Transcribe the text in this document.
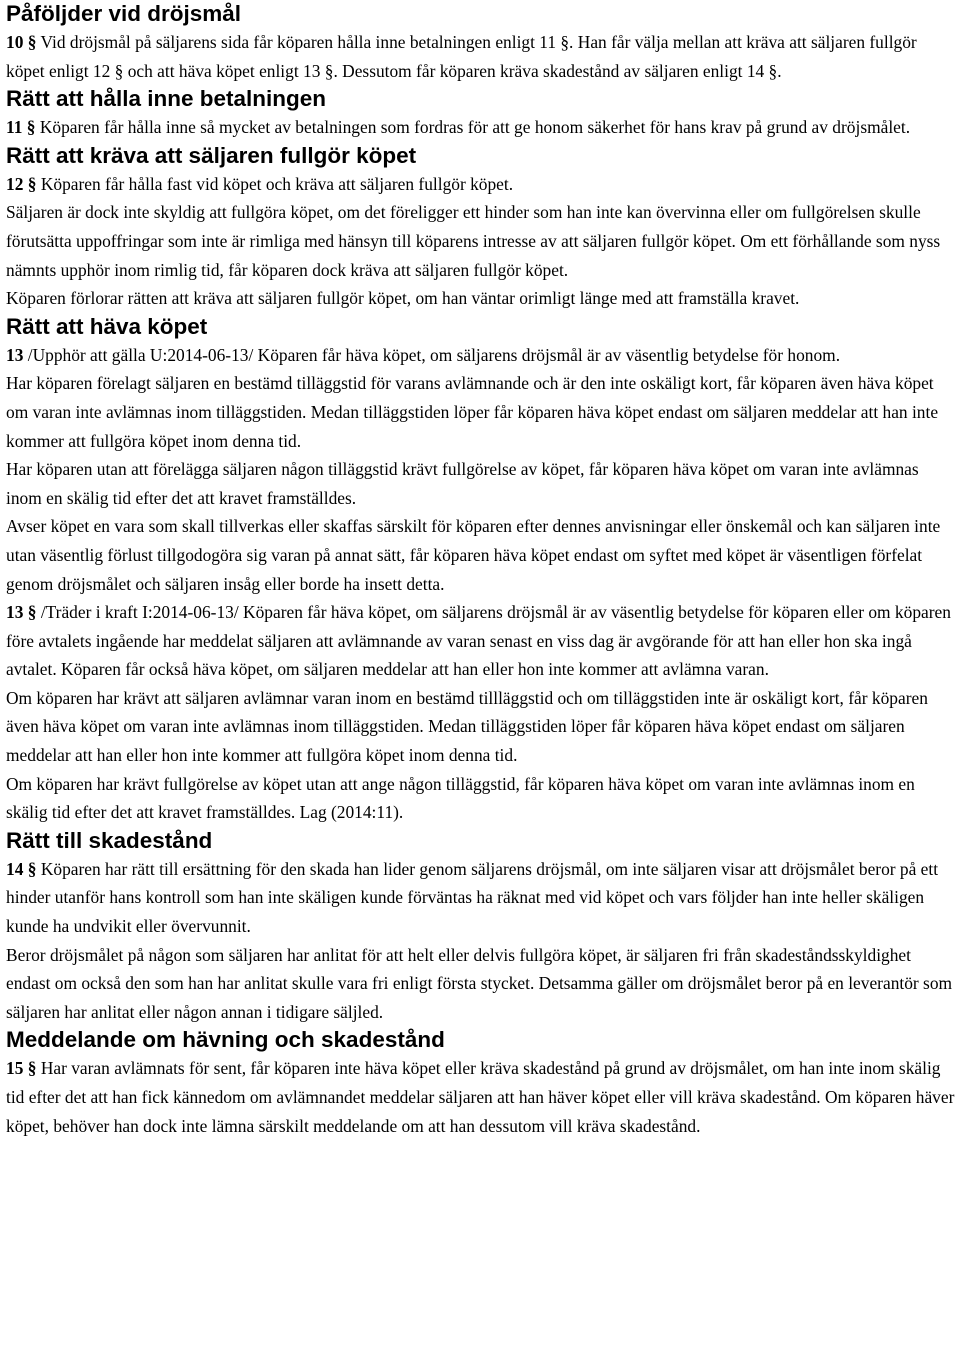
Påföljder vid dröjsmål

10 § Vid dröjsmål på säljarens sida får köparen hålla inne betalningen enligt 11 §. Han får välja mellan att kräva att säljaren fullgör köpet enligt 12 § och att häva köpet enligt 13 §. Dessutom får köparen kräva skadestånd av säljaren enligt 14 §.

Rätt att hålla inne betalningen

11 § Köparen får hålla inne så mycket av betalningen som fordras för att ge honom säkerhet för hans krav på grund av dröjsmålet.

Rätt att kräva att säljaren fullgör köpet

12 § Köparen får hålla fast vid köpet och kräva att säljaren fullgör köpet.

Säljaren är dock inte skyldig att fullgöra köpet, om det föreligger ett hinder som han inte kan övervinna eller om fullgörelsen skulle förutsätta uppoffringar som inte är rimliga med hänsyn till köparens intresse av att säljaren fullgör köpet. Om ett förhållande som nyss nämnts upphör inom rimlig tid, får köparen dock kräva att säljaren fullgör köpet.

Köparen förlorar rätten att kräva att säljaren fullgör köpet, om han väntar orimligt länge med att framställa kravet.

Rätt att häva köpet

13 /Upphör att gälla U:2014-06-13/ Köparen får häva köpet, om säljarens dröjsmål är av väsentlig betydelse för honom.

Har köparen förelagt säljaren en bestämd tilläggstid för varans avlämnande och är den inte oskäligt kort, får köparen även häva köpet om varan inte avlämnas inom tilläggstiden. Medan tilläggstiden löper får köparen häva köpet endast om säljaren meddelar att han inte kommer att fullgöra köpet inom denna tid.

Har köparen utan att förelägga säljaren någon tilläggstid krävt fullgörelse av köpet, får köparen häva köpet om varan inte avlämnas inom en skälig tid efter det att kravet framställdes.

Avser köpet en vara som skall tillverkas eller skaffas särskilt för köparen efter dennes anvisningar eller önskemål och kan säljaren inte utan väsentlig förlust tillgodogöra sig varan på annat sätt, får köparen häva köpet endast om syftet med köpet är väsentligen förfelat genom dröjsmålet och säljaren insåg eller borde ha insett detta.

13 § /Träder i kraft I:2014-06-13/ Köparen får häva köpet, om säljarens dröjsmål är av väsentlig betydelse för köparen eller om köparen före avtalets ingående har meddelat säljaren att avlämnande av varan senast en viss dag är avgörande för att han eller hon ska ingå avtalet. Köparen får också häva köpet, om säljaren meddelar att han eller hon inte kommer att avlämna varan.

Om köparen har krävt att säljaren avlämnar varan inom en bestämd tillläggstid och om tilläggstiden inte är oskäligt kort, får köparen även häva köpet om varan inte avlämnas inom tilläggstiden. Medan tilläggstiden löper får köparen häva köpet endast om säljaren meddelar att han eller hon inte kommer att fullgöra köpet inom denna tid.

Om köparen har krävt fullgörelse av köpet utan att ange någon tilläggstid, får köparen häva köpet om varan inte avlämnas inom en skälig tid efter det att kravet framställdes. Lag (2014:11).

Rätt till skadestånd

14 § Köparen har rätt till ersättning för den skada han lider genom säljarens dröjsmål, om inte säljaren visar att dröjsmålet beror på ett hinder utanför hans kontroll som han inte skäligen kunde förväntas ha räknat med vid köpet och vars följder han inte heller skäligen kunde ha undvikit eller övervunnit.

Beror dröjsmålet på någon som säljaren har anlitat för att helt eller delvis fullgöra köpet, är säljaren fri från skadeståndsskyldighet endast om också den som han har anlitat skulle vara fri enligt första stycket. Detsamma gäller om dröjsmålet beror på en leverantör som säljaren har anlitat eller någon annan i tidigare säljled.

Meddelande om hävning och skadestånd

15 § Har varan avlämnats för sent, får köparen inte häva köpet eller kräva skadestånd på grund av dröjsmålet, om han inte inom skälig tid efter det att han fick kännedom om avlämnandet meddelar säljaren att han häver köpet eller vill kräva skadestånd. Om köparen häver köpet, behöver han dock inte lämna särskilt meddelande om att han dessutom vill kräva skadestånd.
